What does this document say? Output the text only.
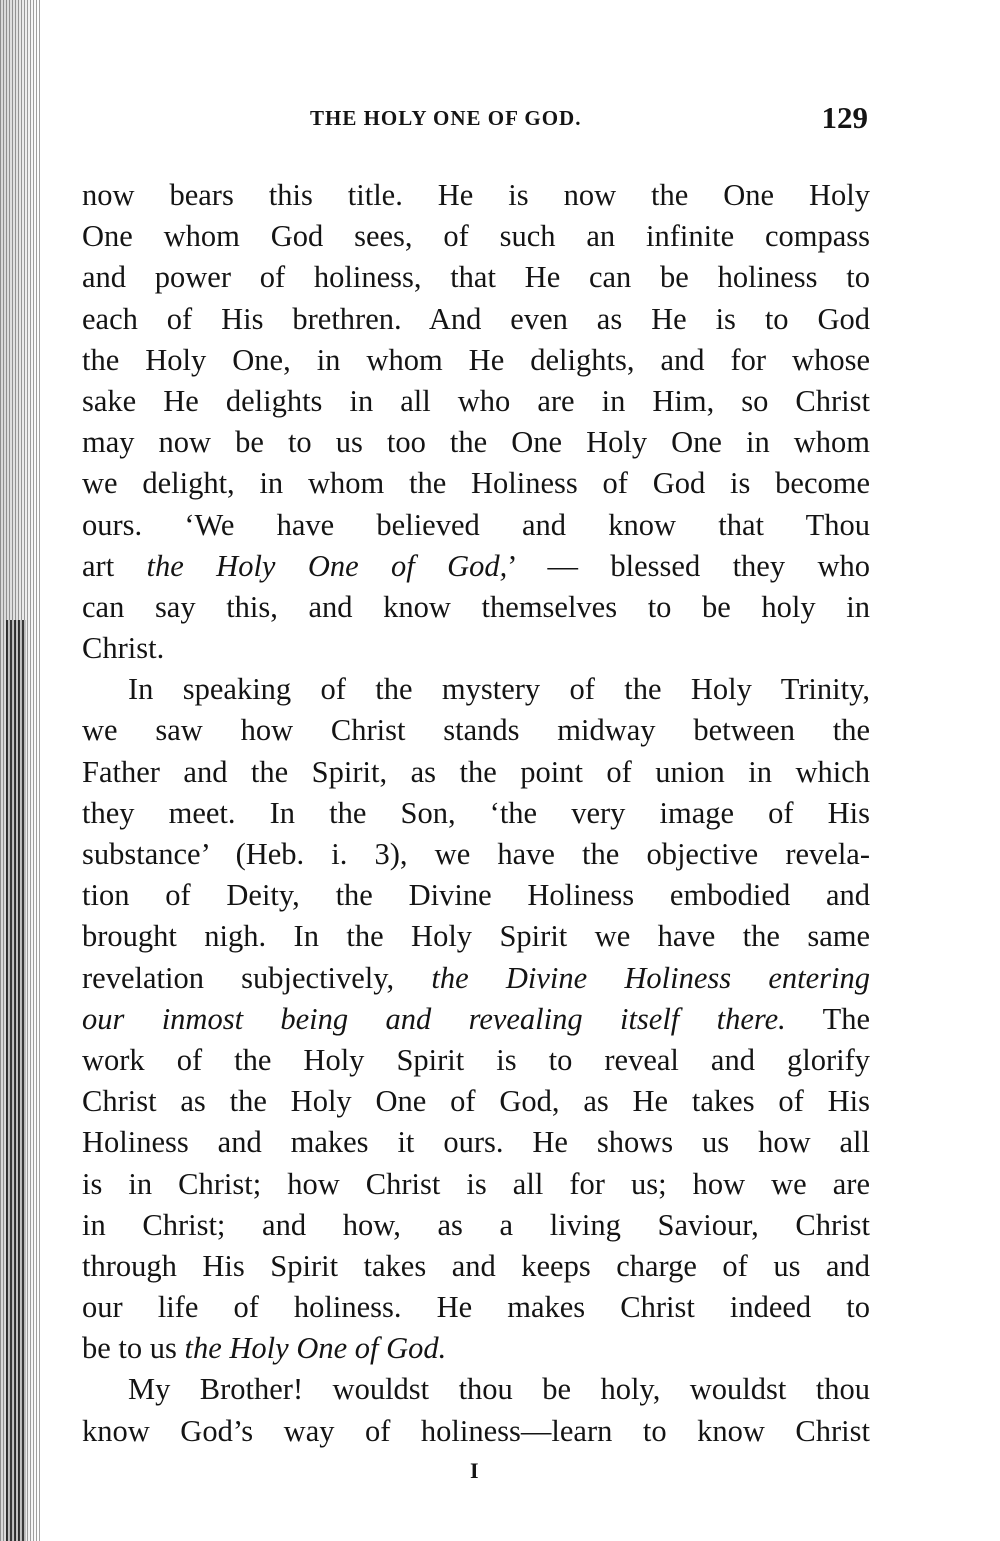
THE HOLY ONE OF GOD.	129
now bears this title. He is now the One Holy
One whom God sees, of such an infinite compass
and power of holiness, that He can be holiness to
each of His brethren. And even as He is to God
the Holy One, in whom He delights, and for whose
sake He delights in all who are in Him, so Christ
may now be to us too the One Holy One in whom
we delight, in whom the Holiness of God is become
ours. ‘We have believed and know that Thou
art the Holy One of God,’ — blessed they who
can say this, and know themselves to be holy in
Christ.
In speaking of the mystery of the Holy Trinity,
we saw how Christ stands midway between the
Father and the Spirit, as the point of union in which
they meet. In the Son, ‘the very image of His
substance’ (Heb. i. 3), we have the objective revela-
tion of Deity, the Divine Holiness embodied and
brought nigh. In the Holy Spirit we have the same
revelation subjectively, the Divine Holiness entering
our inmost being and revealing itself there. The
work of the Holy Spirit is to reveal and glorify
Christ as the Holy One of God, as He takes of His
Holiness and makes it ours. He shows us how all
is in Christ; how Christ is all for us; how we are
in Christ; and how, as a living Saviour, Christ
through His Spirit takes and keeps charge of us and
our life of holiness. He makes Christ indeed to
be to us the Holy One of God.
My Brother! wouldst thou be holy, wouldst thou
know God’s way of holiness—learn to know Christ
I
